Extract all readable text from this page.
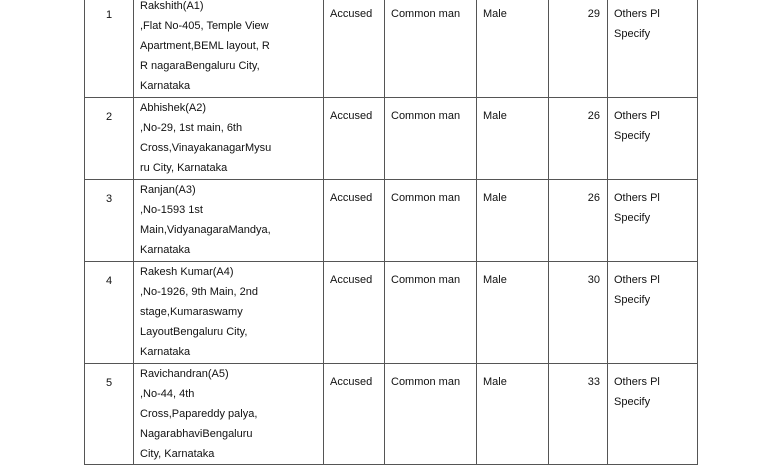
1	Rakshith(A1)
,Flat No-405, Temple View
Apartment,BEML layout, R
R nagaraBengaluru City,
Karnataka	Accused	Common man	Male	29	Others Pl Specify
2	Abhishek(A2)
,No-29, 1st main, 6th
Cross,VinayakanagarMysu
ru City, Karnataka	Accused	Common man	Male	26	Others Pl Specify
3	Ranjan(A3)
,No-1593 1st
Main,VidyanagaraMandya,
Karnataka	Accused	Common man	Male	26	Others Pl Specify
4	Rakesh Kumar(A4)
,No-1926, 9th Main, 2nd
stage,Kumaraswamy
LayoutBengaluru City,
Karnataka	Accused	Common man	Male	30	Others Pl Specify
5	Ravichandran(A5)
,No-44, 4th
Cross,Papareddy palya,
NagarabhaviBengaluru
City, Karnataka	Accused	Common man	Male	33	Others Pl Specify
